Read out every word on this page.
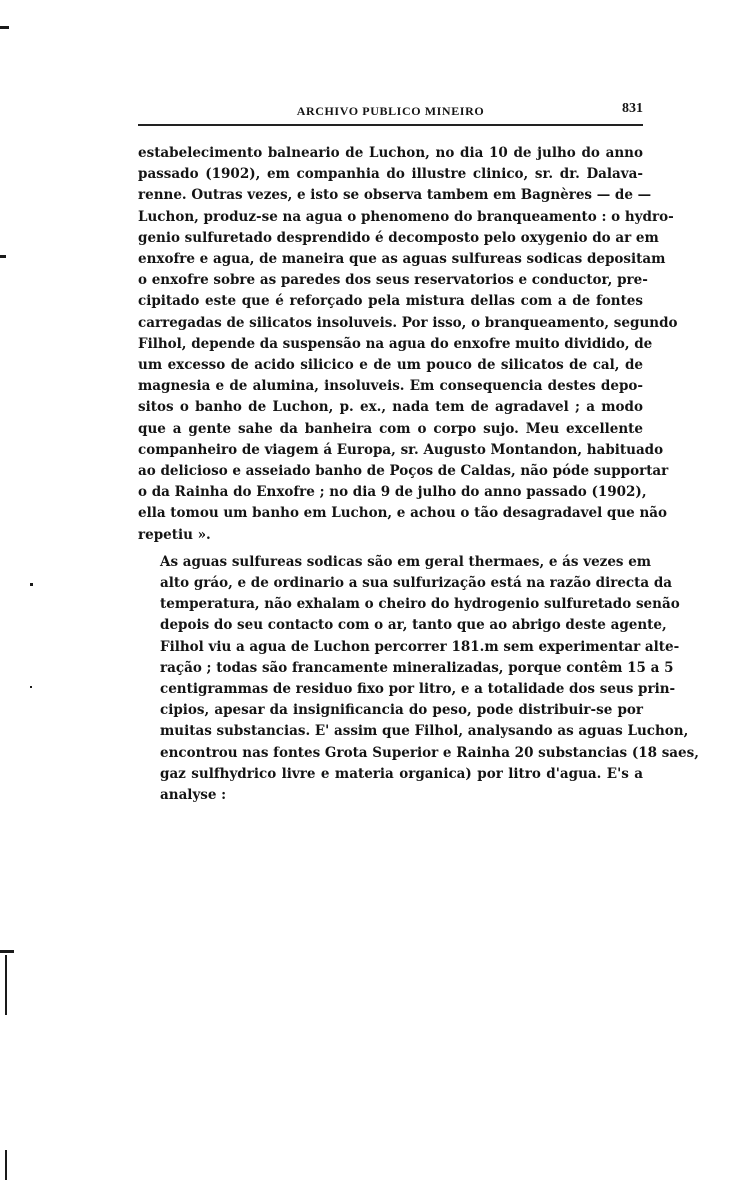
ARCHIVO PUBLICO MINEIRO	831

estabelecimento balneario de Luchon, no dia 10 de julho do anno
passado (1902), em companhia do illustre clinico, sr. dr. Dalava-
renne. Outras vezes, e isto se observa tambem em Bagnères — de —
Luchon, produz-se na agua o phenomeno do branqueamento : o hydro-
genio sulfuretado desprendido é decomposto pelo oxygenio do ar em
enxofre e agua, de maneira que as aguas sulfureas sodicas depositam
o enxofre sobre as paredes dos seus reservatorios e conductor, pre-
cipitado este que é reforçado pela mistura dellas com a de fontes
carregadas de silicatos insoluveis. Por isso, o branqueamento, segundo
Filhol, depende da suspensão na agua do enxofre muito dividido, de
um excesso de acido silicico e de um pouco de silicatos de cal, de
magnesia e de alumina, insoluveis. Em consequencia destes depo-
sitos o banho de Luchon, p. ex., nada tem de agradavel ; a modo
que a gente sahe da banheira com o corpo sujo. Meu excellente
companheiro de viagem á Europa, sr. Augusto Montandon, habituado
ao delicioso e asseiado banho de Poços de Caldas, não póde supportar
o da Rainha do Enxofre ; no dia 9 de julho do anno passado (1902),
ella tomou um banho em Luchon, e achou o tão desagradavel que não
repetiu ».

As aguas sulfureas sodicas são em geral thermaes, e ás vezes em
alto gráo, e de ordinario a sua sulfurização está na razão directa da
temperatura, não exhalam o cheiro do hydrogenio sulfuretado senão
depois do seu contacto com o ar, tanto que ao abrigo deste agente,
Filhol viu a agua de Luchon percorrer 181.m sem experimentar alte-
ração ; todas são francamente mineralizadas, porque contêm 15 a 5
centigrammas de residuo fixo por litro, e a totalidade dos seus prin-
cipios, apesar da insignificancia do peso, pode distribuir-se por
muitas substancias. E' assim que Filhol, analysando as aguas Luchon,
encontrou nas fontes Grota Superior e Rainha 20 substancias (18 saes,
gaz sulfhydrico livre e materia organica) por litro d'agua. E's a
analyse :
